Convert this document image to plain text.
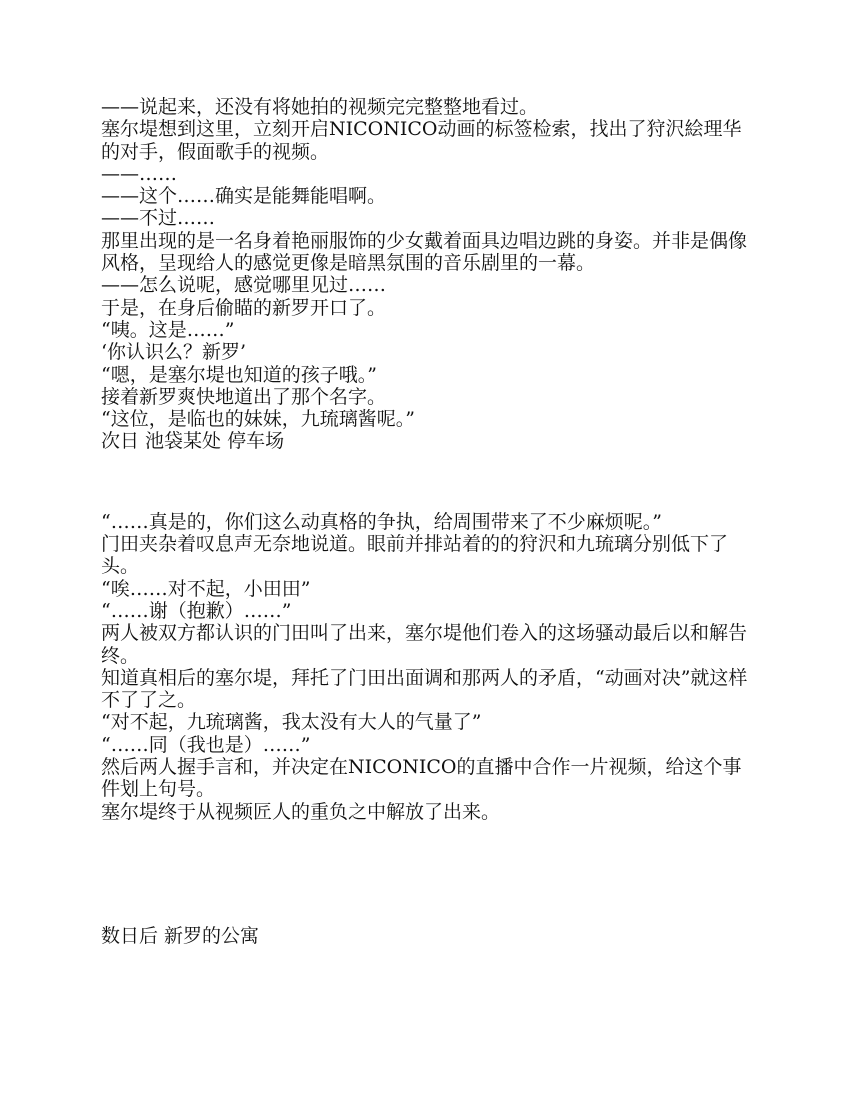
——说起来，还没有将她拍的视频完完整整地看过。

塞尔堤想到这里，立刻开启NICONICO动画的标签检索，找出了狩沢絵理华的对手，假面歌手的视频。

——……

——这个……确实是能舞能唱啊。

——不过……

那里出现的是一名身着艳丽服饰的少女戴着面具边唱边跳的身姿。并非是偶像风格，呈现给人的感觉更像是暗黑氛围的音乐剧里的一幕。

——怎么说呢，感觉哪里见过……

于是，在身后偷瞄的新罗开口了。

“咦。这是……”

‘你认识么？新罗’

“嗯，是塞尔堤也知道的孩子哦。”

接着新罗爽快地道出了那个名字。

“这位，是临也的妹妹，九琉璃酱呢。”

次日 池袋某处 停车场

“……真是的，你们这么动真格的争执，给周围带来了不少麻烦呢。”

门田夹杂着叹息声无奈地说道。眼前并排站着的的狩沢和九琉璃分别低下了头。

“唉……对不起，小田田”

“……谢（抱歉）……”

两人被双方都认识的门田叫了出来，塞尔堤他们卷入的这场骚动最后以和解告终。

知道真相后的塞尔堤，拜托了门田出面调和那两人的矛盾，“动画对决”就这样不了了之。

“对不起，九琉璃酱，我太没有大人的气量了”

“……同（我也是）……”

然后两人握手言和，并决定在NICONICO的直播中合作一片视频，给这个事件划上句号。

塞尔堤终于从视频匠人的重负之中解放了出来。

数日后 新罗的公寓
